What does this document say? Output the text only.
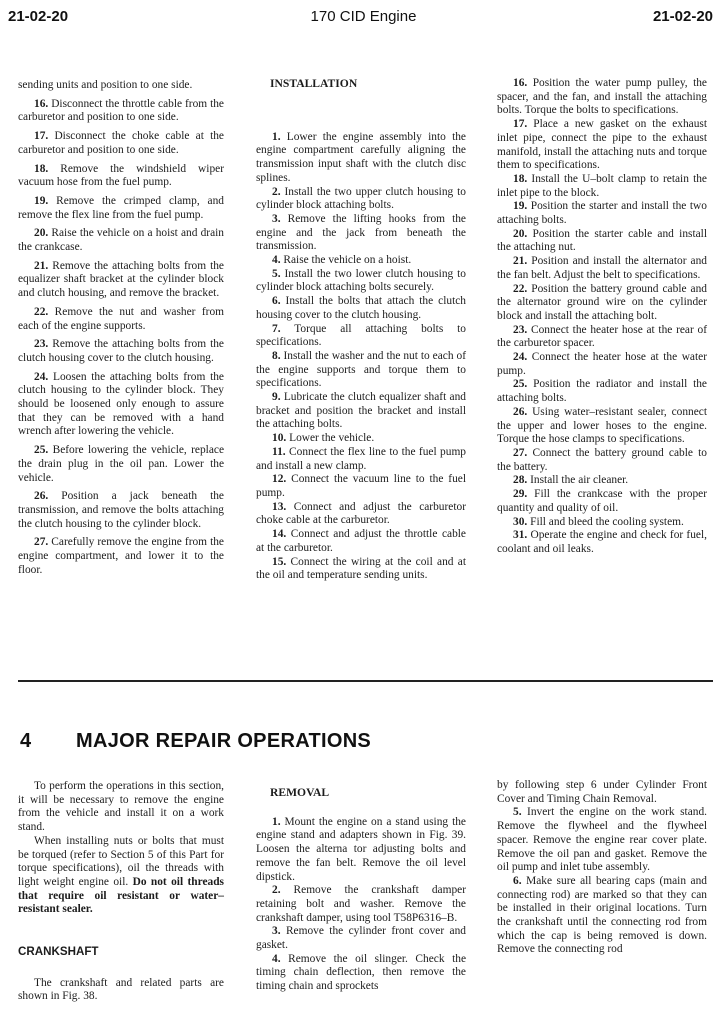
21-02-20	170 CID Engine	21-02-20

sending units and position to one side.

16. Disconnect the throttle cable from the carburetor and position to one side.

17. Disconnect the choke cable at the carburetor and position to one side.

18. Remove the windshield wiper vacuum hose from the fuel pump.

19. Remove the crimped clamp, and remove the flex line from the fuel pump.

20. Raise the vehicle on a hoist and drain the crankcase.

21. Remove the attaching bolts from the equalizer shaft bracket at the cylinder block and clutch housing, and remove the bracket.

22. Remove the nut and washer from each of the engine supports.

23. Remove the attaching bolts from the clutch housing cover to the clutch housing.

24. Loosen the attaching bolts from the clutch housing to the cylinder block. They should be loosened only enough to assure that they can be removed with a hand wrench after lowering the vehicle.

25. Before lowering the vehicle, replace the drain plug in the oil pan. Lower the vehicle.

26. Position a jack beneath the transmission, and remove the bolts attaching the clutch housing to the cylinder block.

27. Carefully remove the engine from the engine compartment, and lower it to the floor.

INSTALLATION

1. Lower the engine assembly into the engine compartment carefully aligning the transmission input shaft with the clutch disc splines.

2. Install the two upper clutch housing to cylinder block attaching bolts.

3. Remove the lifting hooks from the engine and the jack from beneath the transmission.

4. Raise the vehicle on a hoist.

5. Install the two lower clutch housing to cylinder block attaching bolts securely.

6. Install the bolts that attach the clutch housing cover to the clutch housing.

7. Torque all attaching bolts to specifications.

8. Install the washer and the nut to each of the engine supports and torque them to specifications.

9. Lubricate the clutch equalizer shaft and bracket and position the bracket and install the attaching bolts.

10. Lower the vehicle.

11. Connect the flex line to the fuel pump and install a new clamp.

12. Connect the vacuum line to the fuel pump.

13. Connect and adjust the carburetor choke cable at the carburetor.

14. Connect and adjust the throttle cable at the carburetor.

15. Connect the wiring at the coil and at the oil and temperature sending units.

16. Position the water pump pulley, the spacer, and the fan, and install the attaching bolts. Torque the bolts to specifications.

17. Place a new gasket on the exhaust inlet pipe, connect the pipe to the exhaust manifold, install the attaching nuts and torque them to specifications.

18. Install the U–bolt clamp to retain the inlet pipe to the block.

19. Position the starter and install the two attaching bolts.

20. Position the starter cable and install the attaching nut.

21. Position and install the alternator and the fan belt. Adjust the belt to specifications.

22. Position the battery ground cable and the alternator ground wire on the cylinder block and install the attaching bolt.

23. Connect the heater hose at the rear of the carburetor spacer.

24. Connect the heater hose at the water pump.

25. Position the radiator and install the attaching bolts.

26. Using water–resistant sealer, connect the upper and lower hoses to the engine. Torque the hose clamps to specifications.

27. Connect the battery ground cable to the battery.

28. Install the air cleaner.

29. Fill the crankcase with the proper quantity and quality of oil.

30. Fill and bleed the cooling system.

31. Operate the engine and check for fuel, coolant and oil leaks.

4 MAJOR REPAIR OPERATIONS

To perform the operations in this section, it will be necessary to remove the engine from the vehicle and install it on a work stand.

When installing nuts or bolts that must be torqued (refer to Section 5 of this Part for torque specifications), oil the threads with light weight engine oil. Do not oil threads that require oil resistant or water–resistant sealer.

CRANKSHAFT

The crankshaft and related parts are shown in Fig. 38.

REMOVAL

1. Mount the engine on a stand using the engine stand and adapters shown in Fig. 39. Loosen the alterna tor adjusting bolts and remove the fan belt. Remove the oil level dipstick.

2. Remove the crankshaft damper retaining bolt and washer. Remove the crankshaft damper, using tool T58P6316–B.

3. Remove the cylinder front cover and gasket.

4. Remove the oil slinger. Check the timing chain deflection, then remove the timing chain and sprockets

by following step 6 under Cylinder Front Cover and Timing Chain Removal.

5. Invert the engine on the work stand. Remove the flywheel and the flywheel spacer. Remove the engine rear cover plate. Remove the oil pan and gasket. Remove the oil pump and inlet tube assembly.

6. Make sure all bearing caps (main and connecting rod) are marked so that they can be installed in their original locations. Turn the crankshaft until the connecting rod from which the cap is being removed is down. Remove the connecting rod
